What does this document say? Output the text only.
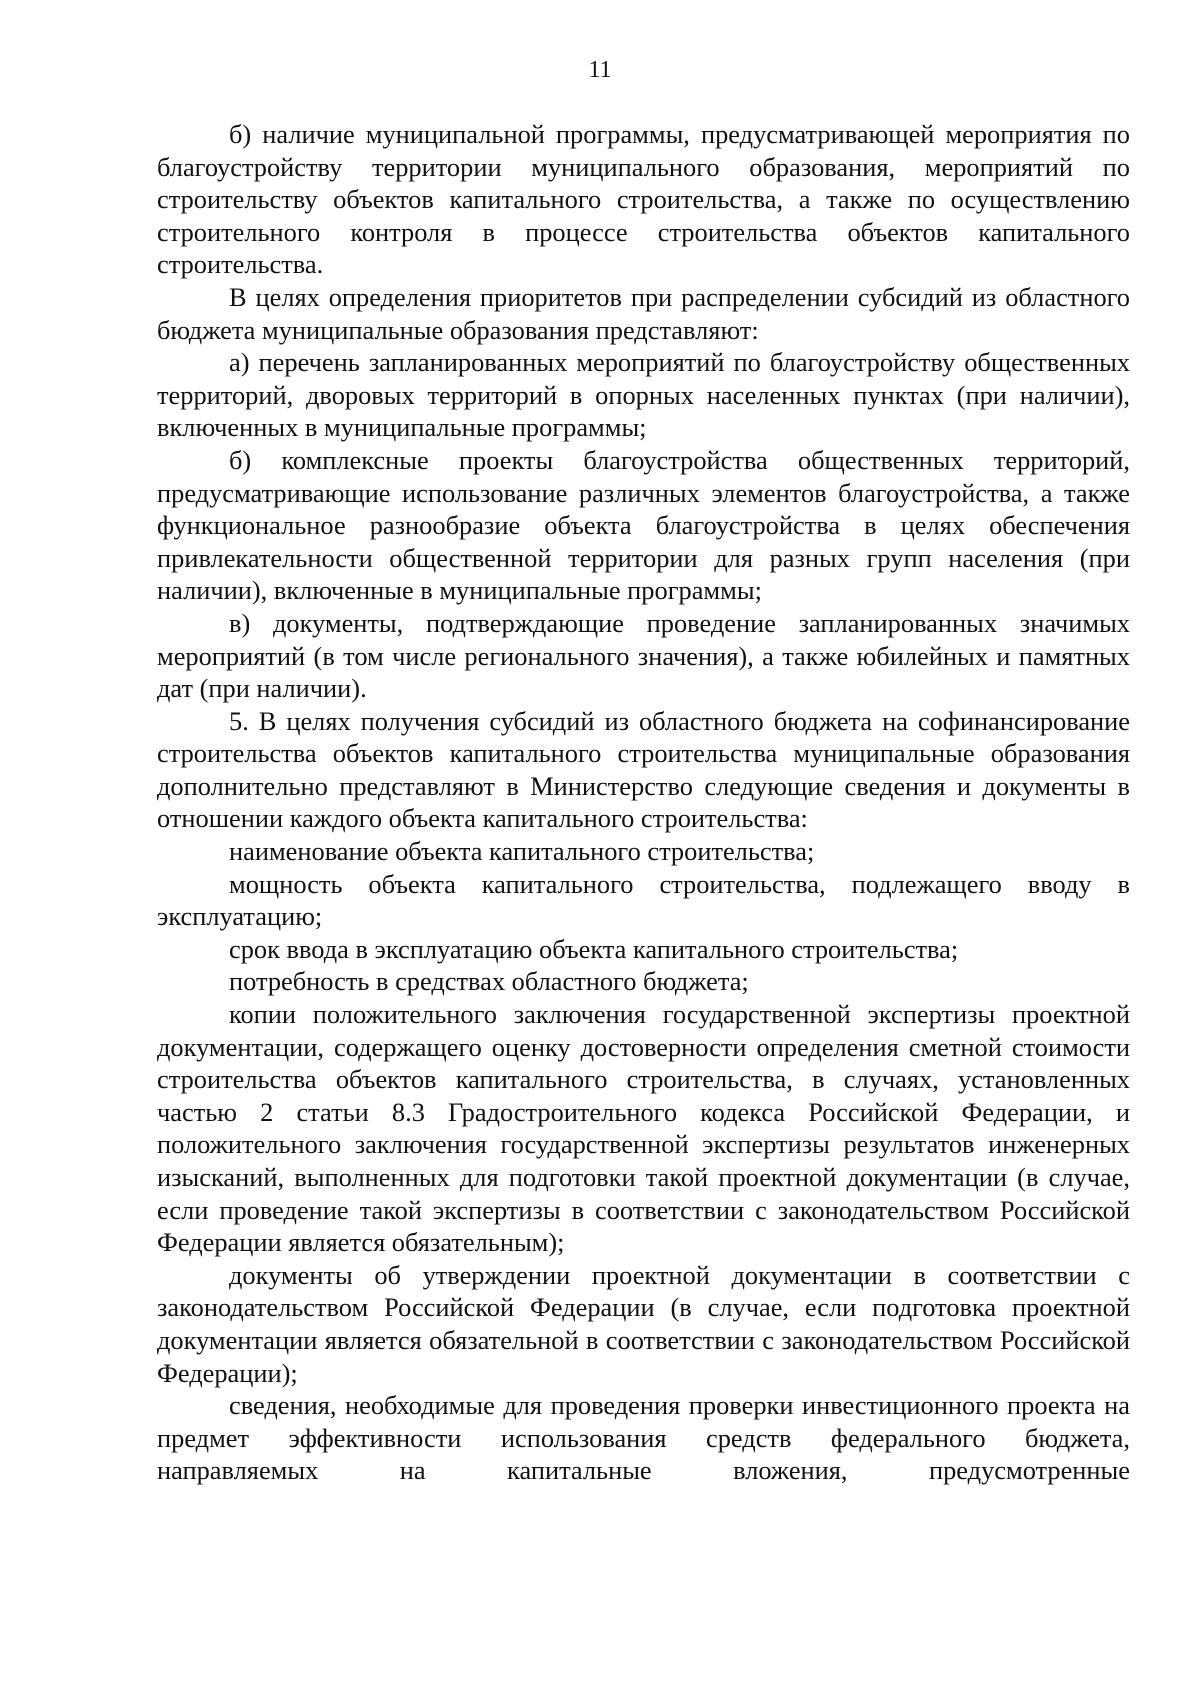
11

б) наличие муниципальной программы, предусматривающей мероприятия по благоустройству территории муниципального образования, мероприятий по строительству объектов капитального строительства, а также по осуществлению строительного контроля в процессе строительства объектов капитального строительства.

В целях определения приоритетов при распределении субсидий из областного бюджета муниципальные образования представляют:

а) перечень запланированных мероприятий по благоустройству общественных территорий, дворовых территорий в опорных населенных пунктах (при наличии), включенных в муниципальные программы;

б) комплексные проекты благоустройства общественных территорий, предусматривающие использование различных элементов благоустройства, а также функциональное разнообразие объекта благоустройства в целях обеспечения привлекательности общественной территории для разных групп населения (при наличии), включенные в муниципальные программы;

в) документы, подтверждающие проведение запланированных значимых мероприятий (в том числе регионального значения), а также юбилейных и памятных дат (при наличии).

5. В целях получения субсидий из областного бюджета на софинансирование строительства объектов капитального строительства муниципальные образования дополнительно представляют в Министерство следующие сведения и документы в отношении каждого объекта капитального строительства:

наименование объекта капитального строительства;

мощность объекта капитального строительства, подлежащего вводу в эксплуатацию;

срок ввода в эксплуатацию объекта капитального строительства;

потребность в средствах областного бюджета;

копии положительного заключения государственной экспертизы проектной документации, содержащего оценку достоверности определения сметной стоимости строительства объектов капитального строительства, в случаях, установленных частью 2 статьи 8.3 Градостроительного кодекса Российской Федерации, и положительного заключения государственной экспертизы результатов инженерных изысканий, выполненных для подготовки такой проектной документации (в случае, если проведение такой экспертизы в соответствии с законодательством Российской Федерации является обязательным);

документы об утверждении проектной документации в соответствии с законодательством Российской Федерации (в случае, если подготовка проектной документации является обязательной в соответствии с законодательством Российской Федерации);

сведения, необходимые для проведения проверки инвестиционного проекта на предмет эффективности использования средств федерального бюджета, направляемых на капитальные вложения, предусмотренные
